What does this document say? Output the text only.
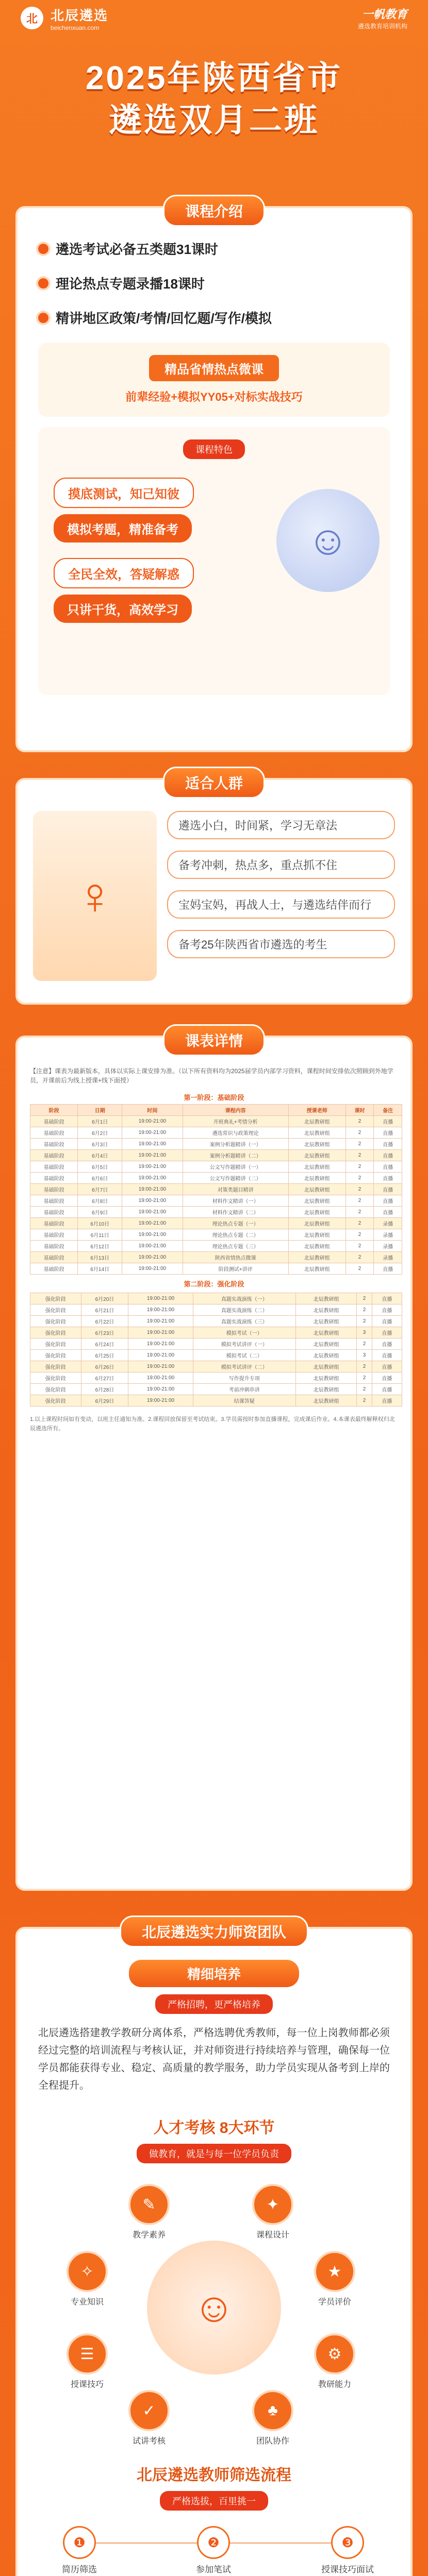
北 北辰遴选
beichenxuan.com
一帆教育
遴选教育培训机构
2025年陕西省市
遴选双月二班
课程介绍
遴选考试必备五类题31课时
理论热点专题录播18课时
精讲地区政策/考情/回忆题/写作/模拟
精品省情热点微课
前辈经验+模拟YY05+对标实战技巧
课程特色
摸底测试，知己知彼
模拟考题，精准备考

全民全效，答疑解惑
只讲干货，高效学习
☺
适合人群
♀
遴选小白，时间紧，学习无章法
备考冲刺，热点多，重点抓不住
宝妈宝妈，再战人士，与遴选结伴而行
备考25年陕西省市遴选的考生
课表详情
【注意】课表为最新版本，具体以实际上课安排为准。（以下所有资料均为2025届学员内部学习资料，课程时间安排依次照顾到外地学员，开课前后为线上授课+线下面授）
第一阶段：基础阶段
阶段	日期	时间	课程内容	授课老师	课时	备注
基础阶段	6月1日	19:00-21:00	开班典礼+考情分析	北辰教研组	2	直播
基础阶段	6月2日	19:00-21:00	遴选常识与政策理论	北辰教研组	2	直播
基础阶段	6月3日	19:00-21:00	案例分析题精讲（一）	北辰教研组	2	直播
基础阶段	6月4日	19:00-21:00	案例分析题精讲（二）	北辰教研组	2	直播
基础阶段	6月5日	19:00-21:00	公文写作题精讲（一）	北辰教研组	2	直播
基础阶段	6月6日	19:00-21:00	公文写作题精讲（二）	北辰教研组	2	直播
基础阶段	6月7日	19:00-21:00	对策类题目精讲	北辰教研组	2	直播
基础阶段	6月8日	19:00-21:00	材料作文精讲（一）	北辰教研组	2	直播
基础阶段	6月9日	19:00-21:00	材料作文精讲（二）	北辰教研组	2	直播
基础阶段	6月10日	19:00-21:00	理论热点专题（一）	北辰教研组	2	录播
基础阶段	6月11日	19:00-21:00	理论热点专题（二）	北辰教研组	2	录播
基础阶段	6月12日	19:00-21:00	理论热点专题（三）	北辰教研组	2	录播
基础阶段	6月13日	19:00-21:00	陕西省情热点微课	北辰教研组	2	录播
基础阶段	6月14日	19:00-21:00	阶段测试+讲评	北辰教研组	2	直播
第二阶段：强化阶段
强化阶段	6月20日	19:00-21:00	真题实战演练（一）	北辰教研组	2	直播
强化阶段	6月21日	19:00-21:00	真题实战演练（二）	北辰教研组	2	直播
强化阶段	6月22日	19:00-21:00	真题实战演练（三）	北辰教研组	2	直播
强化阶段	6月23日	19:00-21:00	模拟考试（一）	北辰教研组	3	直播
强化阶段	6月24日	19:00-21:00	模拟考试讲评（一）	北辰教研组	2	直播
强化阶段	6月25日	19:00-21:00	模拟考试（二）	北辰教研组	3	直播
强化阶段	6月26日	19:00-21:00	模拟考试讲评（二）	北辰教研组	2	直播
强化阶段	6月27日	19:00-21:00	写作提升专项	北辰教研组	2	直播
强化阶段	6月28日	19:00-21:00	考前冲刺串讲	北辰教研组	2	直播
强化阶段	6月29日	19:00-21:00	结课答疑	北辰教研组	2	直播
1.以上课程时间如有变动，以班主任通知为准。2.课程回放保留至考试结束。3.学员需按时参加直播课程，完成课后作业。4.本课表最终解释权归北辰遴选所有。
北辰遴选实力师资团队
精细培养
严格招聘，更严格培养
北辰遴选搭建教学教研分离体系，严格选聘优秀教师，每一位上岗教师都必须经过完整的培训流程与考核认证，并对师资进行持续培养与管理，确保每一位学员都能获得专业、稳定、高质量的教学服务，助力学员实现从备考到上岸的全程提升。
人才考核 8大环节
做教育，就是与每一位学员负责
☺
✎
教学素养
✦
课程设计
✧
专业知识
★
学员评价
☰
授课技巧
⚙
教研能力
✓
试讲考核
♣
团队协作
北辰遴选教师筛选流程
严格选拔，百里挑一
❶
简历筛选
❷
参加笔试
❸
授课技巧面试
